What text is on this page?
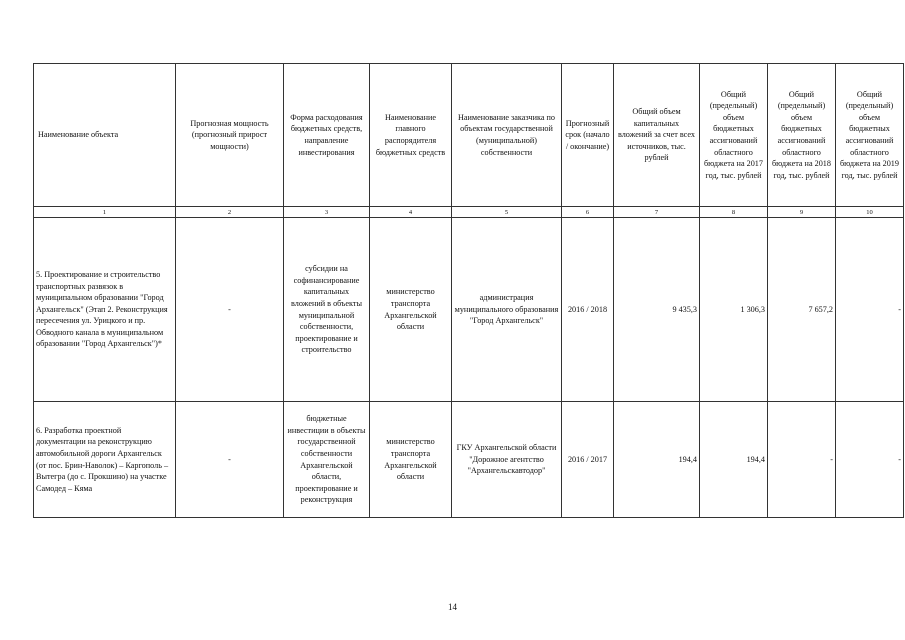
Наименование объекта	Прогнозная мощность (прогнозный прирост мощности)	Форма расходования бюджетных средств, направление инвестирования	Наименование главного распорядителя бюджетных средств	Наименование заказчика по объектам государственной (муниципальной) собственности	Прогнозный срок (начало / окончание)	Общий объем капитальных вложений за счет всех источников, тыс. рублей	Общий (предельный) объем бюджетных ассигнований областного бюджета на 2017 год, тыс. рублей	Общий (предельный) объем бюджетных ассигнований областного бюджета на 2018 год, тыс. рублей	Общий (предельный) объем бюджетных ассигнований областного бюджета на 2019 год, тыс. рублей
1	2	3	4	5	6	7	8	9	10
5. Проектирование и строительство транспортных развязок в муниципальном образовании "Город Архангельск" (Этап 2. Реконструкция пересечения ул. Урицкого и пр. Обводного канала в муниципальном образовании "Город Архангельск")*	-	субсидии на софинансирование капитальных вложений в объекты муниципальной собственности, проектирование и строительство	министерство транспорта Архангельской области	администрация муниципального образования "Город Архангельск"	2016 / 2018	9 435,3	1 306,3	7 657,2	-
6. Разработка проектной документации на реконструкцию автомобильной дороги Архангельск (от пос. Брин-Наволок) – Каргополь – Вытегра (до с. Прокшино) на участке Самодед – Кяма	-	бюджетные инвестиции в объекты государственной собственности Архангельской области, проектирование и реконструкция	министерство транспорта Архангельской области	ГКУ Архангельской области "Дорожное агентство "Архангельскавтодор"	2016 / 2017	194,4	194,4	-	-
14
